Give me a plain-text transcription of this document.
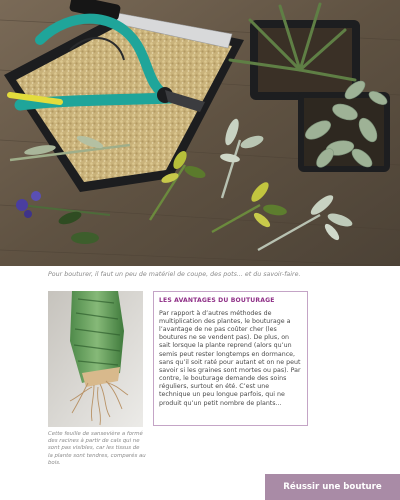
Pour bouturer, il faut un peu de matériel de coupe, des pots... et du savoir-faire.
Cette feuille de sansevière a formé des racines à partir de cals qui ne sont pas visibles, car les tissus de la plante sont tendres, comparés au bois.
LES AVANTAGES DU BOUTURAGE

Par rapport à d’autres méthodes de multiplication des plantes, le bouturage a l’avantage de ne pas coûter cher (les boutures ne se vendent pas). De plus, on sait lorsque la plante reprend (alors qu’un semis peut rester longtemps en dormance, sans qu’il soit raté pour autant et on ne peut savoir si les graines sont mortes ou pas). Par contre, le bouturage demande des soins réguliers, surtout en été. C’est une technique un peu longue parfois, qui ne produit qu’un petit nombre de plants...

Réussir une bouture
